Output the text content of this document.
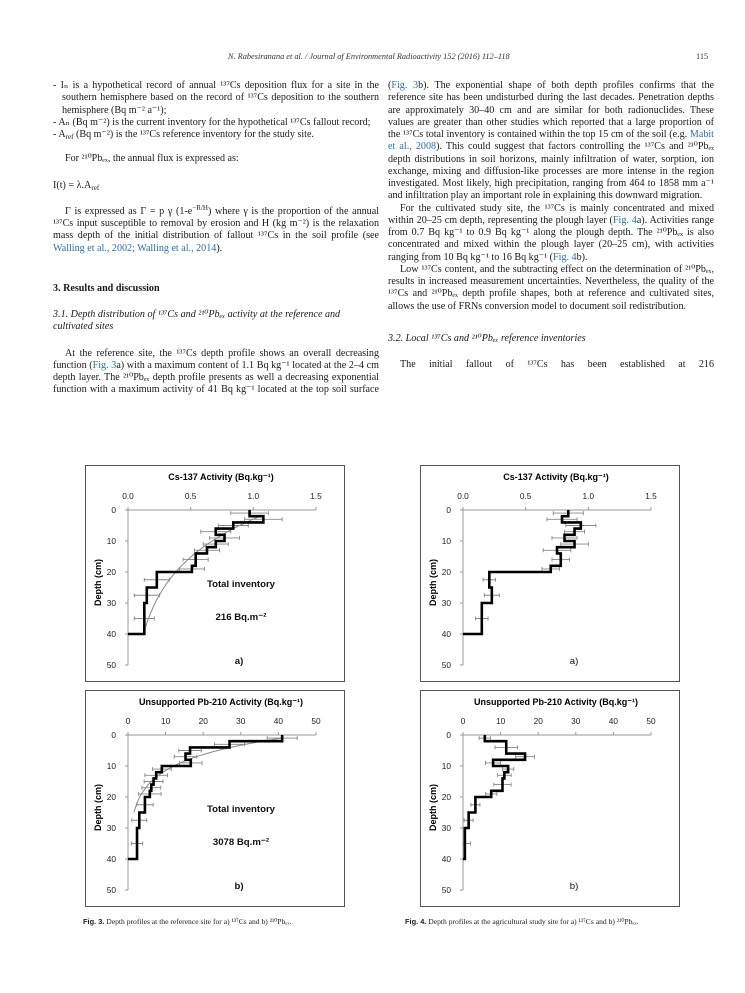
N. Rabesiranana et al. / Journal of Environmental Radioactivity 152 (2016) 112–118	115

- Iₙ is a hypothetical record of annual ¹³⁷Cs deposition flux for a site in the southern hemisphere based on the record of ¹³⁷Cs deposition to the southern hemisphere (Bq m⁻² a⁻¹);

- Aₙ (Bq m⁻²) is the current inventory for the hypothetical ¹³⁷Cs fallout record;

- $A_{ref}$ (Bq m⁻²) is the ¹³⁷Cs reference inventory for the study site.

For ²¹⁰Pbₑₓ, the annual flux is expressed as:

$I(t) = \lambda.A_{ref}$

Γ is expressed as Γ = p γ $(1-e^{-R/H})$ where γ is the proportion of the annual ¹³⁷Cs input susceptible to removal by erosion and H (kg m⁻²) is the relaxation mass depth of the initial distribution of fallout ¹³⁷Cs in the soil profile (see Walling et al., 2002; Walling et al., 2014).

3. Results and discussion

3.1. Depth distribution of ¹³⁷Cs and ²¹⁰Pbₑₓ activity at the reference and cultivated sites

At the reference site, the ¹³⁷Cs depth profile shows an overall decreasing function (Fig. 3a) with a maximum content of 1.1 Bq kg⁻¹ located at the 2–4 cm depth layer. The ²¹⁰Pbₑₓ depth profile presents as well a decreasing exponential function with a maximum activity of 41 Bq kg⁻¹ located at the top soil surface

(Fig. 3b). The exponential shape of both depth profiles confirms that the reference site has been undisturbed during the last decades. Penetration depths are approximately 30–40 cm and are similar for both radionuclides. These values are greater than other studies which reported that a large proportion of the ¹³⁷Cs total inventory is contained within the top 15 cm of the soil (e.g. Mabit et al., 2008). This could suggest that factors controlling the ¹³⁷Cs and ²¹⁰Pbₑₓ depth distributions in soil horizons, mainly infiltration of water, sorption, ion exchange, mixing and diffusion-like processes are more intense in the region investigated. Most likely, high precipitation, ranging from 464 to 1858 mm a⁻¹ and infiltration play an important role in explaining this downward migration.

For the cultivated study site, the ¹³⁷Cs is mainly concentrated and mixed within 20–25 cm depth, representing the plough layer (Fig. 4a). Activities range from 0.7 Bq kg⁻¹ to 0.9 Bq kg⁻¹ along the plough depth. The ²¹⁰Pbₑₓ is also concentrated and mixed within the plough layer (20–25 cm), with activities ranging from 10 Bq kg⁻¹ to 16 Bq kg⁻¹ (Fig. 4b).

Low ¹³⁷Cs content, and the subtracting effect on the determination of ²¹⁰Pbₑₓ, results in increased measurement uncertainties. Nevertheless, the quality of the ¹³⁷Cs and ²¹⁰Pbₑₓ depth profile shapes, both at reference and cultivated sites, allows the use of FRNs conversion model to document soil redistribution.

3.2. Local ¹³⁷Cs and ²¹⁰Pbₑₓ reference inventories

The initial fallout of ¹³⁷Cs has been established at 216

Cs-137 Activity (Bq.kg⁻¹)
0.0	0.5	1.0	1.5
0
10
20
30
40
50
Depth (cm)	Total inventory
216 Bq.m⁻²
a)
Unsupported Pb-210 Activity (Bq.kg⁻¹)
0	10	20	30	40	50
0
10
20
30
40
50
Depth (cm)	Total inventory
3078 Bq.m⁻²
b)
Cs-137 Activity (Bq.kg⁻¹)
0.0	0.5	1.0	1.5
0
10
20
30
40
50
Depth (cm)
a)
Unsupported Pb-210 Activity (Bq.kg⁻¹)
0	10	20	30	40	50
0
10
20
30
40
50
Depth (cm)
b)
Fig. 3. Depth profiles at the reference site for a) ¹³⁷Cs and b) ²¹⁰Pbₑₓ.	Fig. 4. Depth profiles at the agricultural study site for a) ¹³⁷Cs and b) ²¹⁰Pbₑₓ.
